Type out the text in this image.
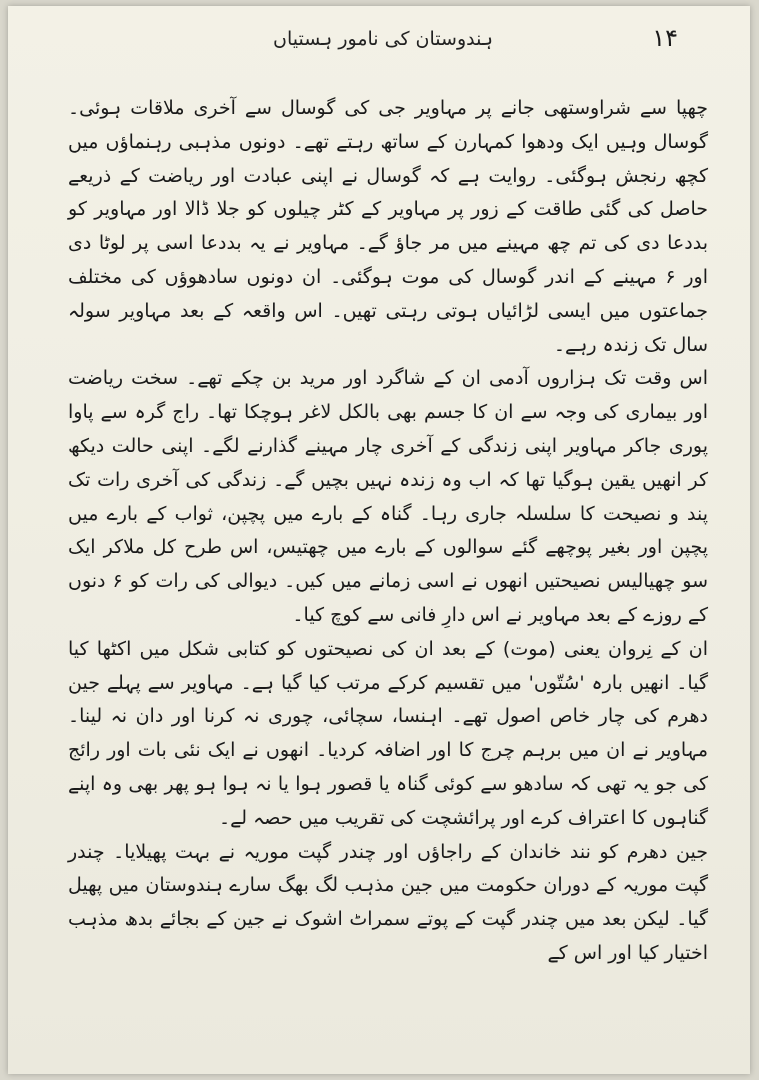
ہندوستان کی نامور ہستیاں	۱۴

چھپا سے شراوستھی جانے پر مہاویر جی کی گوسال سے آخری ملاقات ہوئی۔ گوسال وہیں ایک ودھوا کمہارن کے ساتھ رہتے تھے۔ دونوں مذہبی رہنماؤں میں کچھ رنجش ہوگئی۔ روایت ہے کہ گوسال نے اپنی عبادت اور ریاضت کے ذریعے حاصل کی گئی طاقت کے زور پر مہاویر کے کٹر چیلوں کو جلا ڈالا اور مہاویر کو بددعا دی کی تم چھ مہینے میں مر جاؤ گے۔ مہاویر نے یہ بددعا اسی پر لوٹا دی اور ۶ مہینے کے اندر گوسال کی موت ہوگئی۔ ان دونوں سادھوؤں کی مختلف جماعتوں میں ایسی لڑائیاں ہوتی رہتی تھیں۔ اس واقعہ کے بعد مہاویر سولہ سال تک زندہ رہے۔

اس وقت تک ہزاروں آدمی ان کے شاگرد اور مرید بن چکے تھے۔ سخت ریاضت اور بیماری کی وجہ سے ان کا جسم بھی بالکل لاغر ہوچکا تھا۔ راج گرہ سے پاوا پوری جاکر مہاویر اپنی زندگی کے آخری چار مہینے گذارنے لگے۔ اپنی حالت دیکھ کر انھیں یقین ہوگیا تھا کہ اب وہ زندہ نہیں بچیں گے۔ زندگی کی آخری رات تک پند و نصیحت کا سلسلہ جاری رہا۔ گناہ کے بارے میں پچپن، ثواب کے بارے میں پچپن اور بغیر پوچھے گئے سوالوں کے بارے میں چھتیس، اس طرح کل ملاکر ایک سو چھیالیس نصیحتیں انھوں نے اسی زمانے میں کیں۔ دیوالی کی رات کو ۶ دنوں کے روزے کے بعد مہاویر نے اس دارِ فانی سے کوچ کیا۔

ان کے نِروان یعنی (موت) کے بعد ان کی نصیحتوں کو کتابی شکل میں اکٹھا کیا گیا۔ انھیں بارہ 'سُتّوں' میں تقسیم کرکے مرتب کیا گیا ہے۔ مہاویر سے پہلے جین دھرم کی چار خاص اصول تھے۔ اہنسا، سچائی، چوری نہ کرنا اور دان نہ لینا۔ مہاویر نے ان میں برہم چرج کا اور اضافہ کردیا۔ انھوں نے ایک نئی بات اور رائج کی جو یہ تھی کہ سادھو سے کوئی گناہ یا قصور ہوا یا نہ ہوا ہو پھر بھی وہ اپنے گناہوں کا اعتراف کرے اور پرائشچت کی تقریب میں حصہ لے۔

جین دھرم کو نند خاندان کے راجاؤں اور چندر گپت موریہ نے بہت پھیلایا۔ چندر گپت موریہ کے دوران حکومت میں جین مذہب لگ بھگ سارے ہندوستان میں پھیل گیا۔ لیکن بعد میں چندر گپت کے پوتے سمراٹ اشوک نے جین کے بجائے بدھ مذہب اختیار کیا اور اس کے
